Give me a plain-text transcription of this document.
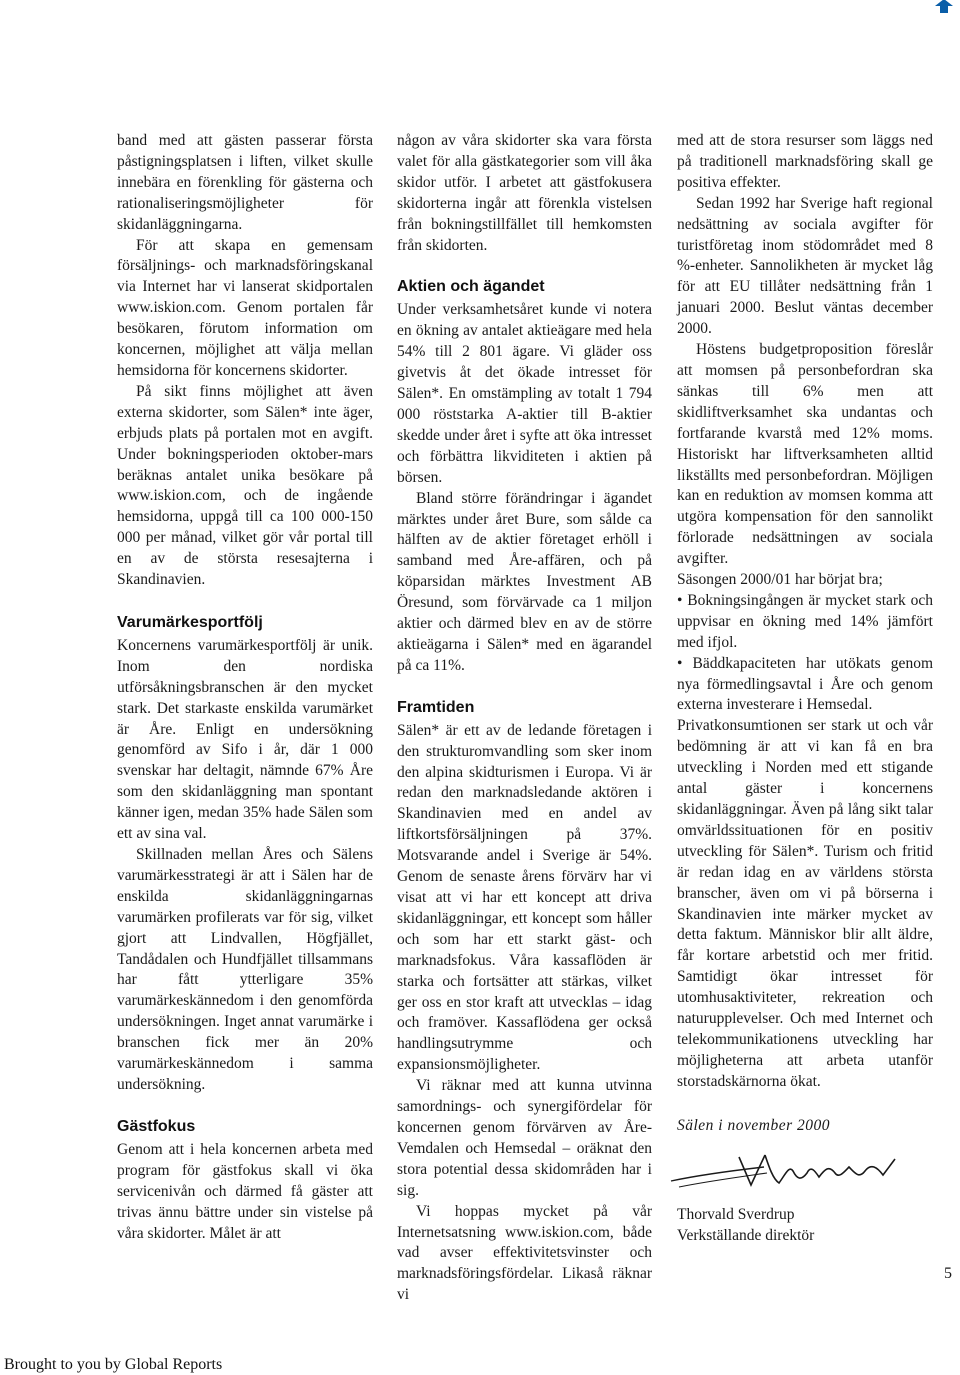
band med att gästen passerar första påstigningsplatsen i liften, vilket skulle innebära en förenkling för gästerna och rationaliseringsmöjligheter för skidanläggningarna.

För att skapa en gemensam försäljnings- och marknadsföringskanal via Internet har vi lanserat skidportalen www.iskion.com. Genom portalen får besökaren, förutom information om koncernen, möjlighet att välja mellan hemsidorna för koncernens skidorter.

På sikt finns möjlighet att även externa skidorter, som Sälen* inte äger, erbjuds plats på portalen mot en avgift. Under bokningsperioden oktober-mars beräknas antalet unika besökare på www.iskion.com, och de ingående hemsidorna, uppgå till ca 100 000-150 000 per månad, vilket gör vår portal till en av de största resesajterna i Skandinavien.

Varumärkesportfölj

Koncernens varumärkesportfölj är unik. Inom den nordiska utförsåkningsbranschen är den mycket stark. Det starkaste enskilda varumärket är Åre. Enligt en undersökning genomförd av Sifo i år, där 1 000 svenskar har deltagit, nämnde 67% Åre som den skidanläggning man spontant känner igen, medan 35% hade Sälen som ett av sina val.

Skillnaden mellan Åres och Sälens varumärkesstrategi är att i Sälen har de enskilda skidanläggningarnas varumärken profilerats var för sig, vilket gjort att Lindvallen, Högfjället, Tandådalen och Hundfjället tillsammans har fått ytterligare 35% varumärkeskännedom i den genomförda undersökningen. Inget annat varumärke i branschen fick mer än 20% varumärkeskännedom i samma undersökning.

Gästfokus

Genom att i hela koncernen arbeta med program för gästfokus skall vi öka servicenivån och därmed få gäster att trivas ännu bättre under sin vistelse på våra skidorter. Målet är att

någon av våra skidorter ska vara första valet för alla gästkategorier som vill åka skidor utför. I arbetet att gästfokusera skidorterna ingår att förenkla vistelsen från bokningstillfället till hemkomsten från skidorten.

Aktien och ägandet

Under verksamhetsåret kunde vi notera en ökning av antalet aktieägare med hela 54% till 2 801 ägare. Vi gläder oss givetvis åt det ökade intresset för Sälen*. En omstämpling av totalt 1 794 000 röststarka A-aktier till B-aktier skedde under året i syfte att öka intresset och förbättra likviditeten i aktien på börsen.

Bland större förändringar i ägandet märktes under året Bure, som sålde ca hälften av de aktier företaget erhöll i samband med Åre-affären, och på köparsidan märktes Investment AB Öresund, som förvärvade ca 1 miljon aktier och därmed blev en av de större aktieägarna i Sälen* med en ägarandel på ca 11%.

Framtiden

Sälen* är ett av de ledande företagen i den strukturomvandling som sker inom den alpina skidturismen i Europa. Vi är redan den marknadsledande aktören i Skandinavien med en andel av liftkortsförsäljningen på 37%. Motsvarande andel i Sverige är 54%. Genom de senaste årens förvärv har vi visat att vi har ett koncept att driva skidanläggningar, ett koncept som håller och som har ett starkt gäst- och marknadsfokus. Våra kassaflöden är starka och fortsätter att stärkas, vilket ger oss en stor kraft att utvecklas – idag och framöver. Kassaflödena ger också handlingsutrymme och expansionsmöjligheter.

Vi räknar med att kunna utvinna samordnings- och synergifördelar för koncernen genom förvärven av Åre-Vemdalen och Hemsedal – oräknat den stora potential dessa skidområden har i sig.

Vi hoppas mycket på vår Internetsatsning www.iskion.com, både vad avser effektivitetsvinster och marknadsföringsfördelar. Likaså räknar vi

med att de stora resurser som läggs ned på traditionell marknadsföring skall ge positiva effekter.

Sedan 1992 har Sverige haft regional nedsättning av sociala avgifter för turistföretag inom stödområdet med 8 %-enheter. Sannolikheten är mycket låg för att EU tillåter nedsättning från 1 januari 2000. Beslut väntas december 2000.

Höstens budgetproposition föreslår att momsen på personbefordran ska sänkas till 6% men att skidliftverksamhet ska undantas och fortfarande kvarstå med 12% moms. Historiskt har liftverksamheten alltid likställts med personbefordran. Möjligen kan en reduktion av momsen komma att utgöra kompensation för den sannolikt förlorade nedsättningen av sociala avgifter.

Säsongen 2000/01 har börjat bra;

• Bokningsingången är mycket stark och uppvisar en ökning med 14% jämfört med ifjol.

• Bäddkapaciteten har utökats genom nya förmedlingsavtal i Åre och genom externa investerare i Hemsedal.

Privatkonsumtionen ser stark ut och vår bedömning är att vi kan få en bra utveckling i Norden med ett stigande antal gäster i koncernens skidanläggningar. Även på lång sikt talar omvärldssituationen för en positiv utveckling för Sälen*. Turism och fritid är redan idag en av världens största branscher, även om vi på börserna i Skandinavien inte märker mycket av detta faktum. Människor blir allt äldre, får kortare arbetstid och mer fritid. Samtidigt ökar intresset för utomhusaktiviteter, rekreation och naturupplevelser. Och med Internet och telekommunikationens utveckling har möjligheterna att arbeta utanför storstadskärnorna ökat.

Sälen i november 2000
Thorvald Sverdrup
Verkställande direktör
5
Brought to you by Global Reports
